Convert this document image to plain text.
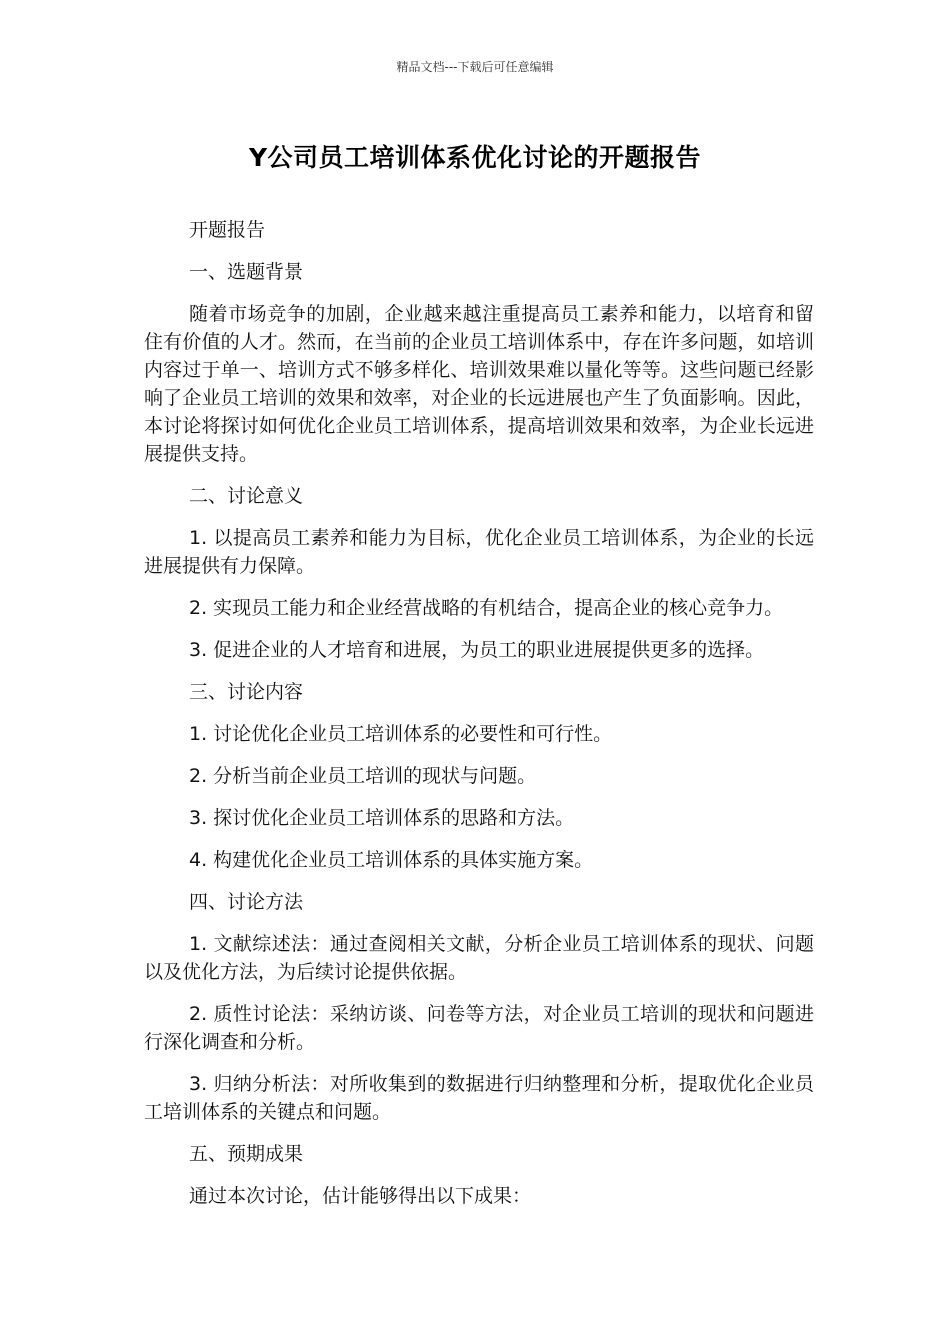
精品文档---下载后可任意编辑
Y公司员工培训体系优化讨论的开题报告

开题报告

一、选题背景

随着市场竞争的加剧，企业越来越注重提高员工素养和能力，以培育和留住有价值的人才。然而，在当前的企业员工培训体系中，存在许多问题，如培训内容过于单一、培训方式不够多样化、培训效果难以量化等等。这些问题已经影响了企业员工培训的效果和效率，对企业的长远进展也产生了负面影响。因此，本讨论将探讨如何优化企业员工培训体系，提高培训效果和效率，为企业长远进展提供支持。

二、讨论意义

1. 以提高员工素养和能力为目标，优化企业员工培训体系，为企业的长远进展提供有力保障。

2. 实现员工能力和企业经营战略的有机结合，提高企业的核心竞争力。

3. 促进企业的人才培育和进展，为员工的职业进展提供更多的选择。

三、讨论内容

1. 讨论优化企业员工培训体系的必要性和可行性。

2. 分析当前企业员工培训的现状与问题。

3. 探讨优化企业员工培训体系的思路和方法。

4. 构建优化企业员工培训体系的具体实施方案。

四、讨论方法

1. 文献综述法：通过查阅相关文献，分析企业员工培训体系的现状、问题以及优化方法，为后续讨论提供依据。

2. 质性讨论法：采纳访谈、问卷等方法，对企业员工培训的现状和问题进行深化调查和分析。

3. 归纳分析法：对所收集到的数据进行归纳整理和分析，提取优化企业员工培训体系的关键点和问题。

五、预期成果

通过本次讨论，估计能够得出以下成果：
